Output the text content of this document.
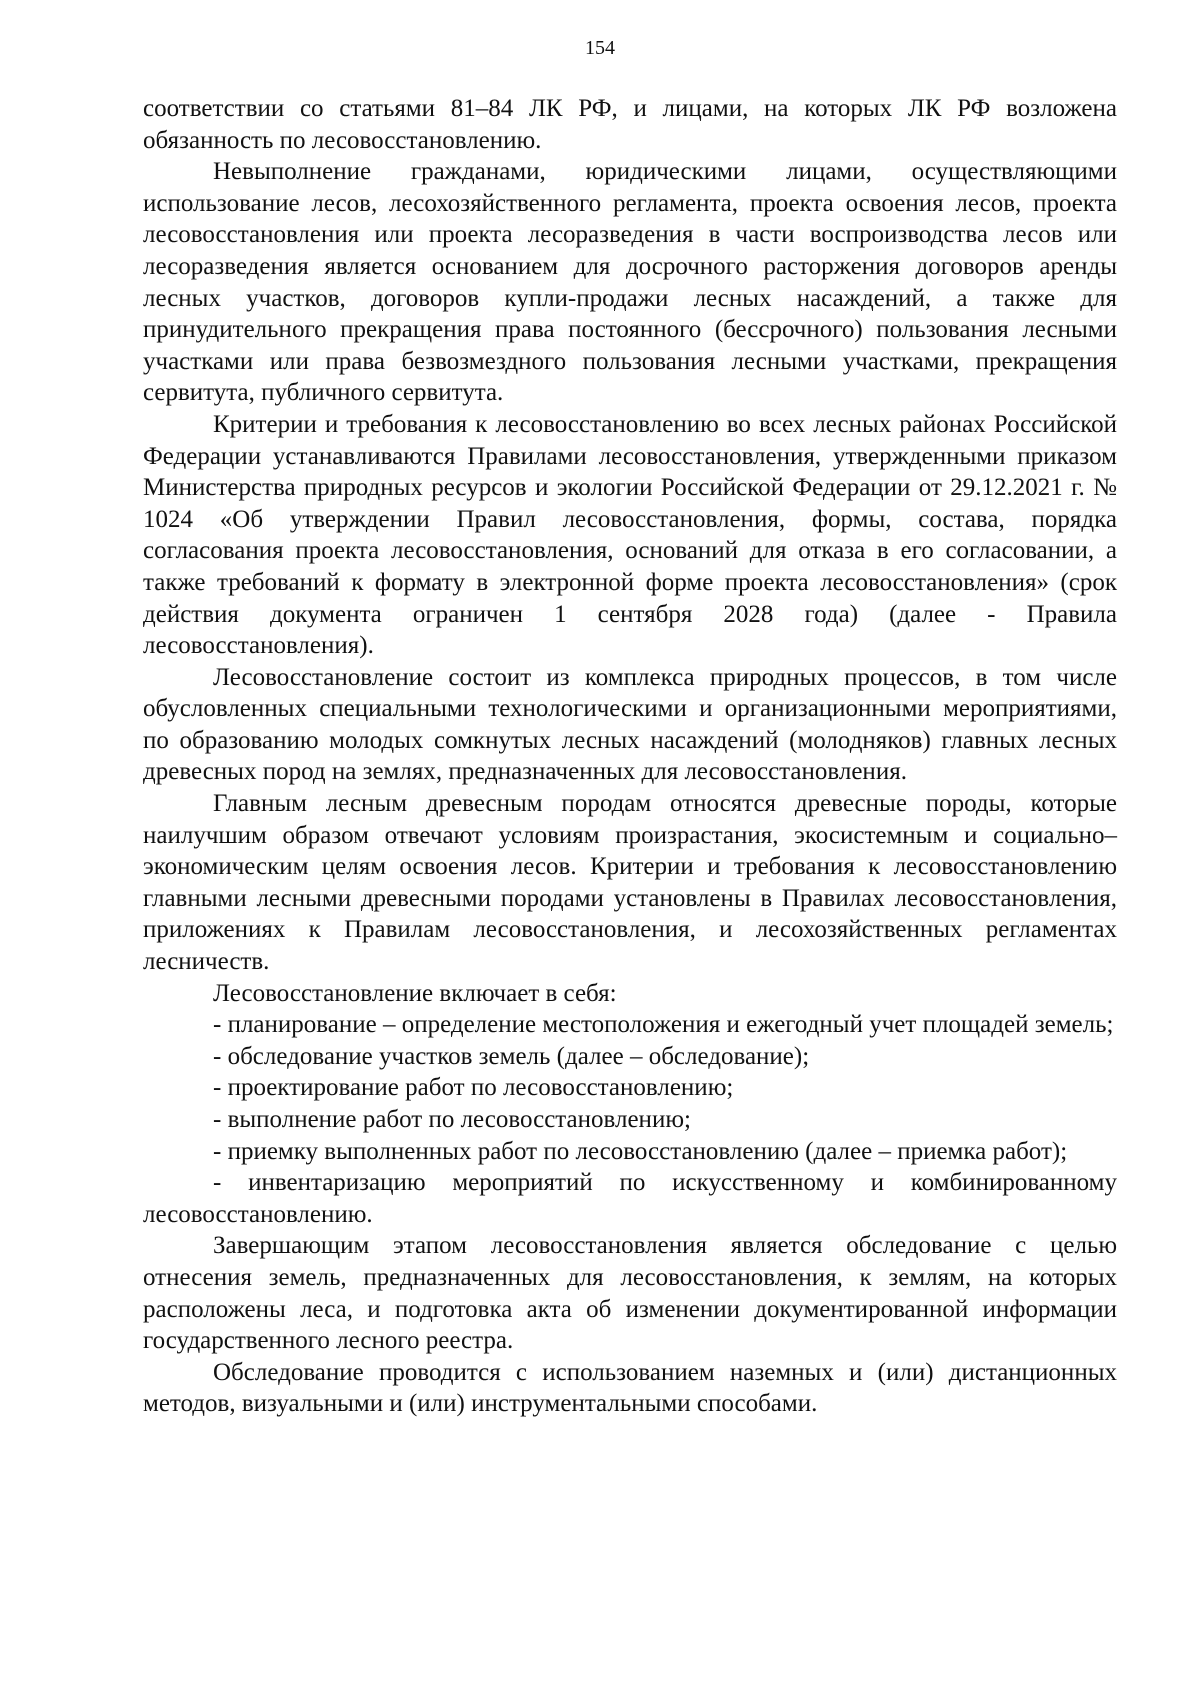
154

соответствии со статьями 81–84 ЛК РФ, и лицами, на которых ЛК РФ возложена обязанность по лесовосстановлению.

Невыполнение гражданами, юридическими лицами, осуществляющими использование лесов, лесохозяйственного регламента, проекта освоения лесов, проекта лесовосстановления или проекта лесоразведения в части воспроизводства лесов или лесоразведения является основанием для досрочного расторжения договоров аренды лесных участков, договоров купли-продажи лесных насаждений, а также для принудительного прекращения права постоянного (бессрочного) пользования лесными участками или права безвозмездного пользования лесными участками, прекращения сервитута, публичного сервитута.

Критерии и требования к лесовосстановлению во всех лесных районах Российской Федерации устанавливаются Правилами лесовосстановления, утвержденными приказом Министерства природных ресурсов и экологии Российской Федерации от 29.12.2021 г. № 1024 «Об утверждении Правил лесовосстановления, формы, состава, порядка согласования проекта лесовосстановления, оснований для отказа в его согласовании, а также требований к формату в электронной форме проекта лесовосстановления» (срок действия документа ограничен 1 сентября 2028 года) (далее - Правила лесовосстановления).

Лесовосстановление состоит из комплекса природных процессов, в том числе обусловленных специальными технологическими и организационными мероприятиями, по образованию молодых сомкнутых лесных насаждений (молодняков) главных лесных древесных пород на землях, предназначенных для лесовосстановления.

Главным лесным древесным породам относятся древесные породы, которые наилучшим образом отвечают условиям произрастания, экосистемным и социально–экономическим целям освоения лесов. Критерии и требования к лесовосстановлению главными лесными древесными породами установлены в Правилах лесовосстановления, приложениях к Правилам лесовосстановления, и лесохозяйственных регламентах лесничеств.

Лесовосстановление включает в себя:

- планирование – определение местоположения и ежегодный учет площадей земель;

- обследование участков земель (далее – обследование);

- проектирование работ по лесовосстановлению;

- выполнение работ по лесовосстановлению;

- приемку выполненных работ по лесовосстановлению (далее – приемка работ);

- инвентаризацию мероприятий по искусственному и комбинированному лесовосстановлению.

Завершающим этапом лесовосстановления является обследование с целью отнесения земель, предназначенных для лесовосстановления, к землям, на которых расположены леса, и подготовка акта об изменении документированной информации государственного лесного реестра.

Обследование проводится с использованием наземных и (или) дистанционных методов, визуальными и (или) инструментальными способами.
